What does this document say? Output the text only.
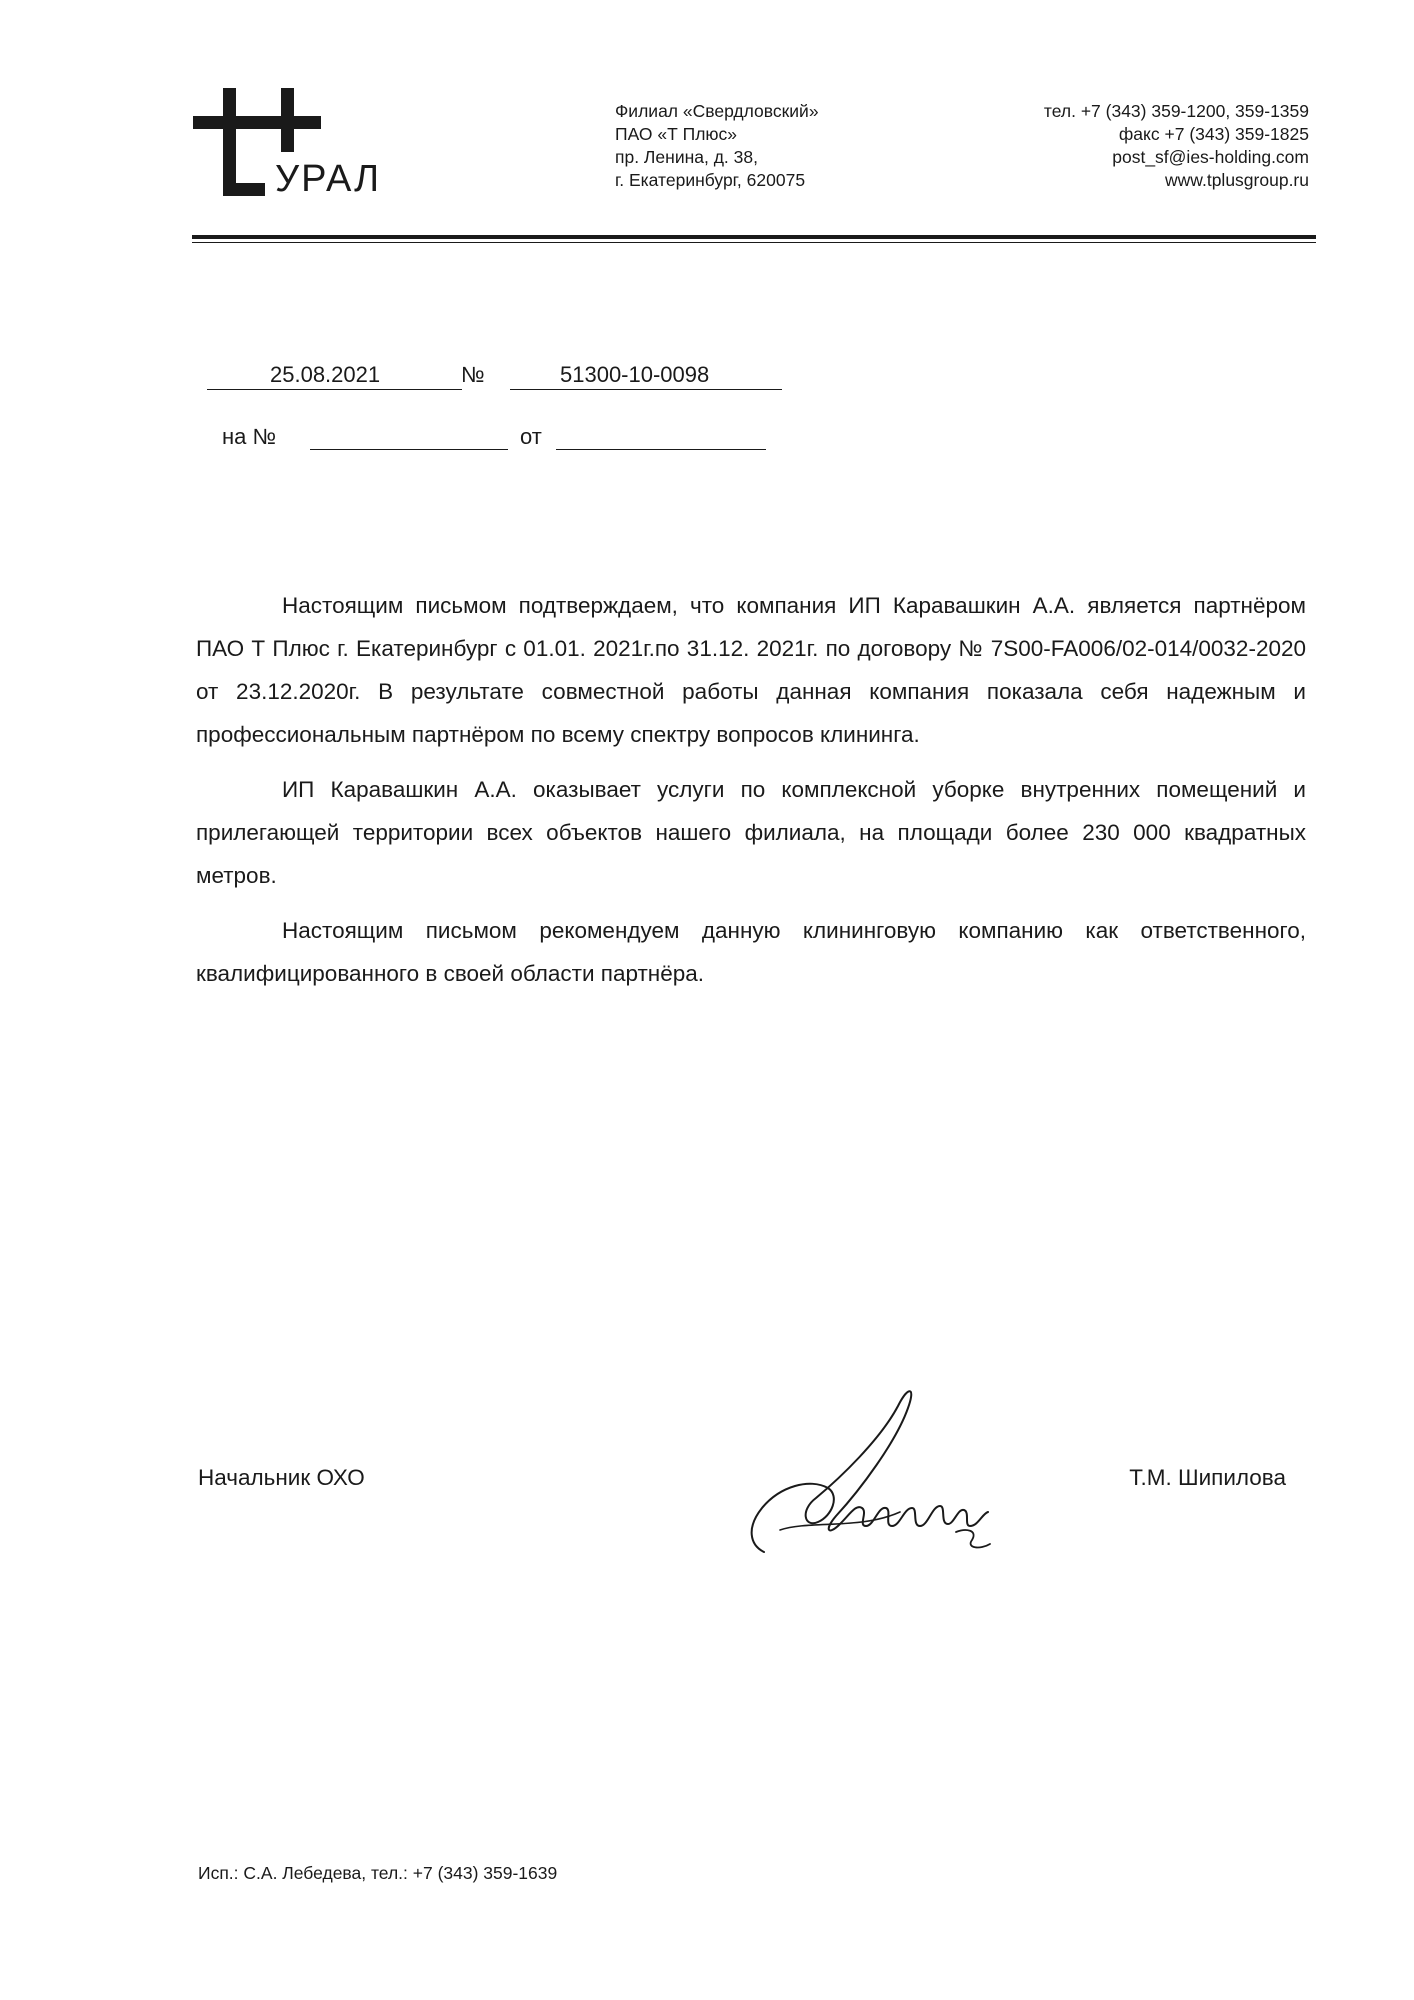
УРАЛ
Филиал «Свердловский»
ПАО «Т Плюс»
пр. Ленина, д. 38,
г. Екатеринбург, 620075
тел. +7 (343) 359-1200, 359-1359
факс +7 (343) 359-1825
post_sf@ies-holding.com
www.tplusgroup.ru
25.08.2021	№	51300-10-0098
на №	от

Настоящим письмом подтверждаем, что компания ИП Каравашкин А.А. является партнёром ПАО Т Плюс г. Екатеринбург с 01.01. 2021г.по 31.12. 2021г. по договору № 7S00-FA006/02-014/0032-2020 от 23.12.2020г. В результате совместной работы данная компания показала себя надежным и профессиональным партнёром по всему спектру вопросов клининга.

ИП Каравашкин А.А. оказывает услуги по комплексной уборке внутренних помещений и прилегающей территории всех объектов нашего филиала, на площади более 230 000 квадратных метров.

Настоящим письмом рекомендуем данную клининговую компанию как ответственного, квалифицированного в своей области партнёра.

Начальник ОХО	Т.М. Шипилова
Исп.: С.А. Лебедева, тел.: +7 (343) 359-1639
